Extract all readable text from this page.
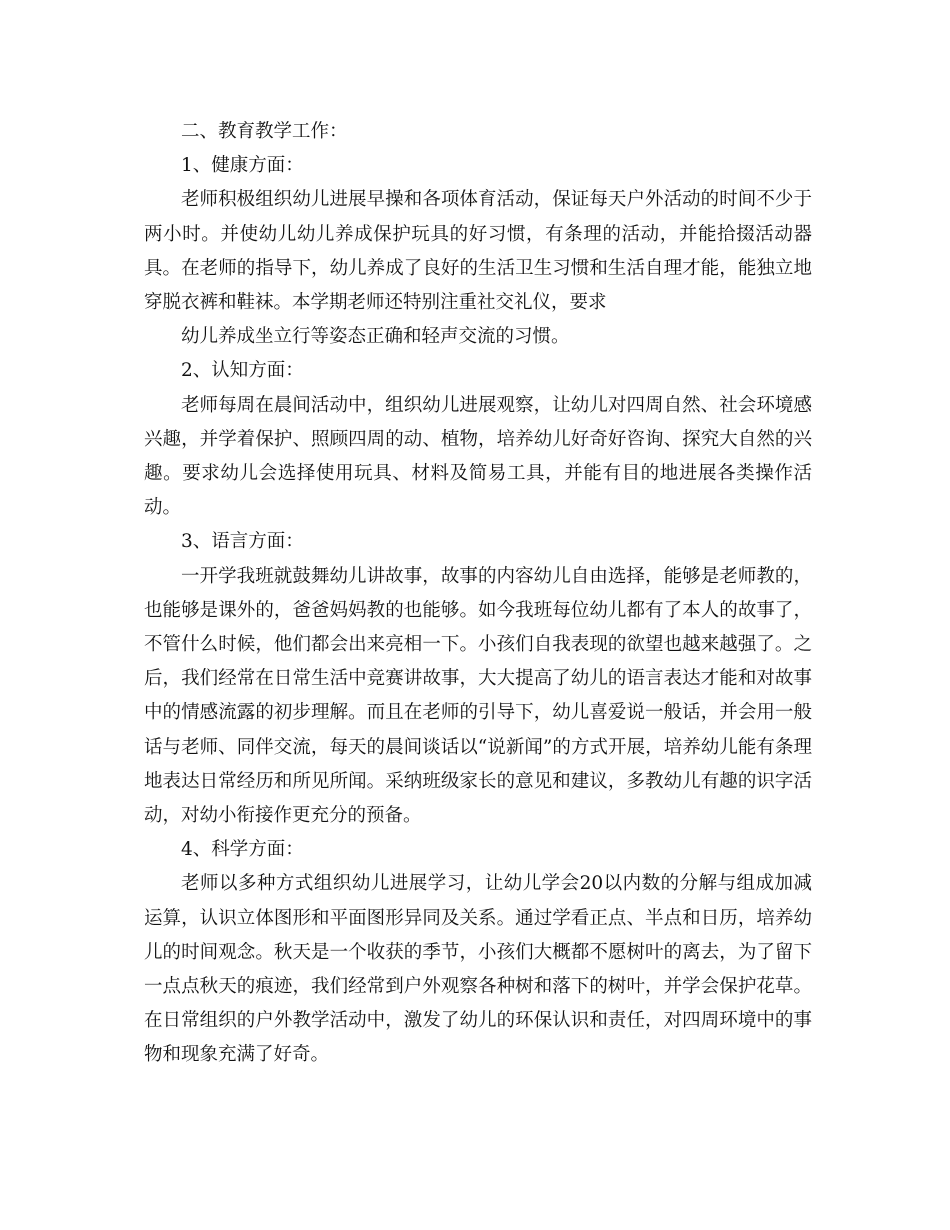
二、教育教学工作：

1、健康方面：

老师积极组织幼儿进展早操和各项体育活动，保证每天户外活动的时间不少于两小时。并使幼儿幼儿养成保护玩具的好习惯，有条理的活动，并能拾掇活动器具。在老师的指导下，幼儿养成了良好的生活卫生习惯和生活自理才能，能独立地穿脱衣裤和鞋袜。本学期老师还特别注重社交礼仪，要求

幼儿养成坐立行等姿态正确和轻声交流的习惯。

2、认知方面：

老师每周在晨间活动中，组织幼儿进展观察，让幼儿对四周自然、社会环境感兴趣，并学着保护、照顾四周的动、植物，培养幼儿好奇好咨询、探究大自然的兴趣。要求幼儿会选择使用玩具、材料及简易工具，并能有目的地进展各类操作活动。

3、语言方面：

一开学我班就鼓舞幼儿讲故事，故事的内容幼儿自由选择，能够是老师教的，也能够是课外的，爸爸妈妈教的也能够。如今我班每位幼儿都有了本人的故事了，不管什么时候，他们都会出来亮相一下。小孩们自我表现的欲望也越来越强了。之后，我们经常在日常生活中竞赛讲故事，大大提高了幼儿的语言表达才能和对故事中的情感流露的初步理解。而且在老师的引导下，幼儿喜爱说一般话，并会用一般话与老师、同伴交流，每天的晨间谈话以“说新闻”的方式开展，培养幼儿能有条理地表达日常经历和所见所闻。采纳班级家长的意见和建议，多教幼儿有趣的识字活动，对幼小衔接作更充分的预备。

4、科学方面：

老师以多种方式组织幼儿进展学习，让幼儿学会20以内数的分解与组成加减运算，认识立体图形和平面图形异同及关系。通过学看正点、半点和日历，培养幼儿的时间观念。秋天是一个收获的季节，小孩们大概都不愿树叶的离去，为了留下一点点秋天的痕迹，我们经常到户外观察各种树和落下的树叶，并学会保护花草。在日常组织的户外教学活动中，激发了幼儿的环保认识和责任，对四周环境中的事物和现象充满了好奇。
